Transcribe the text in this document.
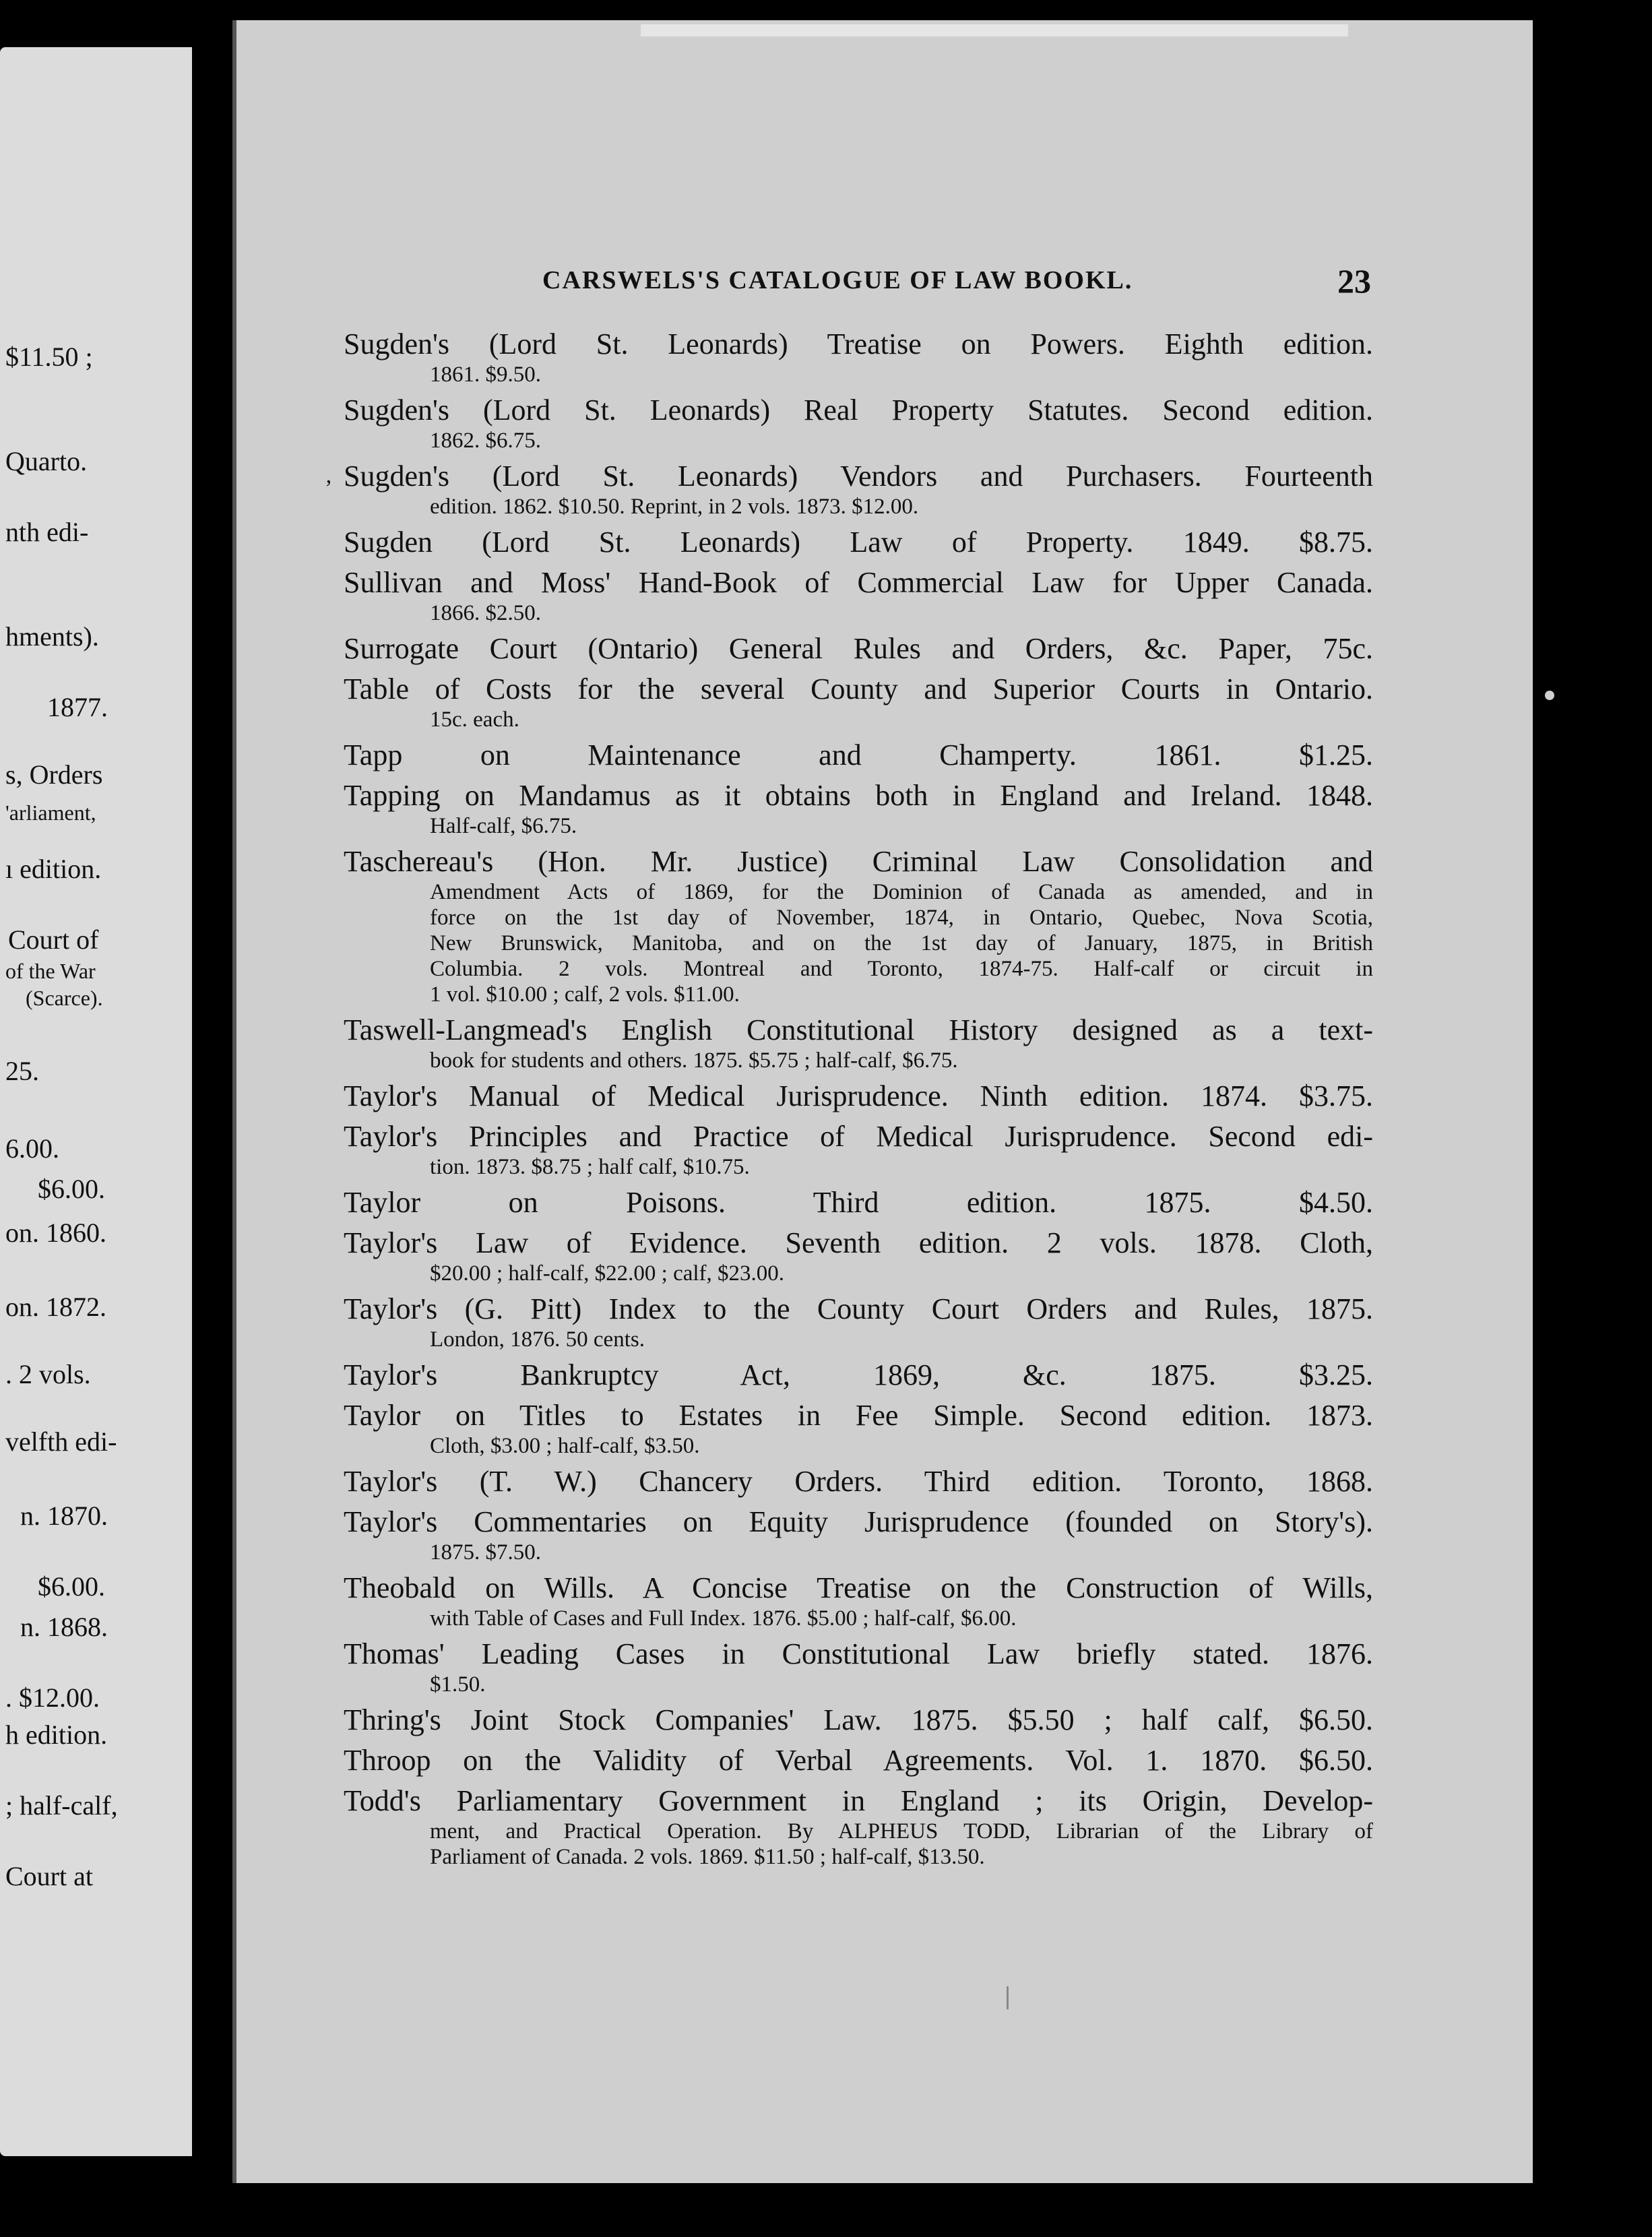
CARSWELS'S CATALOGUE OF LAW BOOKL.	23
’
Sugden's (Lord St. Leonards) Treatise on Powers. Eighth edition.
1861. $9.50.
Sugden's (Lord St. Leonards) Real Property Statutes. Second edition.
1862. $6.75.
Sugden's (Lord St. Leonards) Vendors and Purchasers. Fourteenth
edition. 1862. $10.50. Reprint, in 2 vols. 1873. $12.00.
Sugden (Lord St. Leonards) Law of Property. 1849. $8.75.
Sullivan and Moss' Hand-Book of Commercial Law for Upper Canada.
1866. $2.50.
Surrogate Court (Ontario) General Rules and Orders, &c. Paper, 75c.
Table of Costs for the several County and Superior Courts in Ontario.
15c. each.
Tapp on Maintenance and Champerty. 1861. $1.25.
Tapping on Mandamus as it obtains both in England and Ireland. 1848.
Half-calf, $6.75.
Taschereau's (Hon. Mr. Justice) Criminal Law Consolidation and
Amendment Acts of 1869, for the Dominion of Canada as amended, and in
force on the 1st day of November, 1874, in Ontario, Quebec, Nova Scotia,
New Brunswick, Manitoba, and on the 1st day of January, 1875, in British
Columbia. 2 vols. Montreal and Toronto, 1874-75. Half-calf or circuit in
1 vol. $10.00 ; calf, 2 vols. $11.00.
Taswell-Langmead's English Constitutional History designed as a text-
book for students and others. 1875. $5.75 ; half-calf, $6.75.
Taylor's Manual of Medical Jurisprudence. Ninth edition. 1874. $3.75.
Taylor's Principles and Practice of Medical Jurisprudence. Second edi-
tion. 1873. $8.75 ; half calf, $10.75.
Taylor on Poisons. Third edition. 1875. $4.50.
Taylor's Law of Evidence. Seventh edition. 2 vols. 1878. Cloth,
$20.00 ; half-calf, $22.00 ; calf, $23.00.
Taylor's (G. Pitt) Index to the County Court Orders and Rules, 1875.
London, 1876. 50 cents.
Taylor's Bankruptcy Act, 1869, &c. 1875. $3.25.
Taylor on Titles to Estates in Fee Simple. Second edition. 1873.
Cloth, $3.00 ; half-calf, $3.50.
Taylor's (T. W.) Chancery Orders. Third edition. Toronto, 1868.
Taylor's Commentaries on Equity Jurisprudence (founded on Story's).
1875. $7.50.
Theobald on Wills. A Concise Treatise on the Construction of Wills,
with Table of Cases and Full Index. 1876. $5.00 ; half-calf, $6.00.
Thomas' Leading Cases in Constitutional Law briefly stated. 1876.
$1.50.
Thring's Joint Stock Companies' Law. 1875. $5.50 ; half calf, $6.50.
Throop on the Validity of Verbal Agreements. Vol. 1. 1870. $6.50.
Todd's Parliamentary Government in England ; its Origin, Develop-
ment, and Practical Operation. By ALPHEUS TODD, Librarian of the Library of
Parliament of Canada. 2 vols. 1869. $11.50 ; half-calf, $13.50.
$11.50 ;
Quarto.
nth edi-
hments).
1877.
s, Orders
'arliament,
ı edition.
Court of
of the War
(Scarce).
25.
6.00.
$6.00.
on. 1860.
on. 1872.
. 2 vols.
velfth edi-
n. 1870.
$6.00.
n. 1868.
. $12.00.
h edition.
; half-calf,
Court at
